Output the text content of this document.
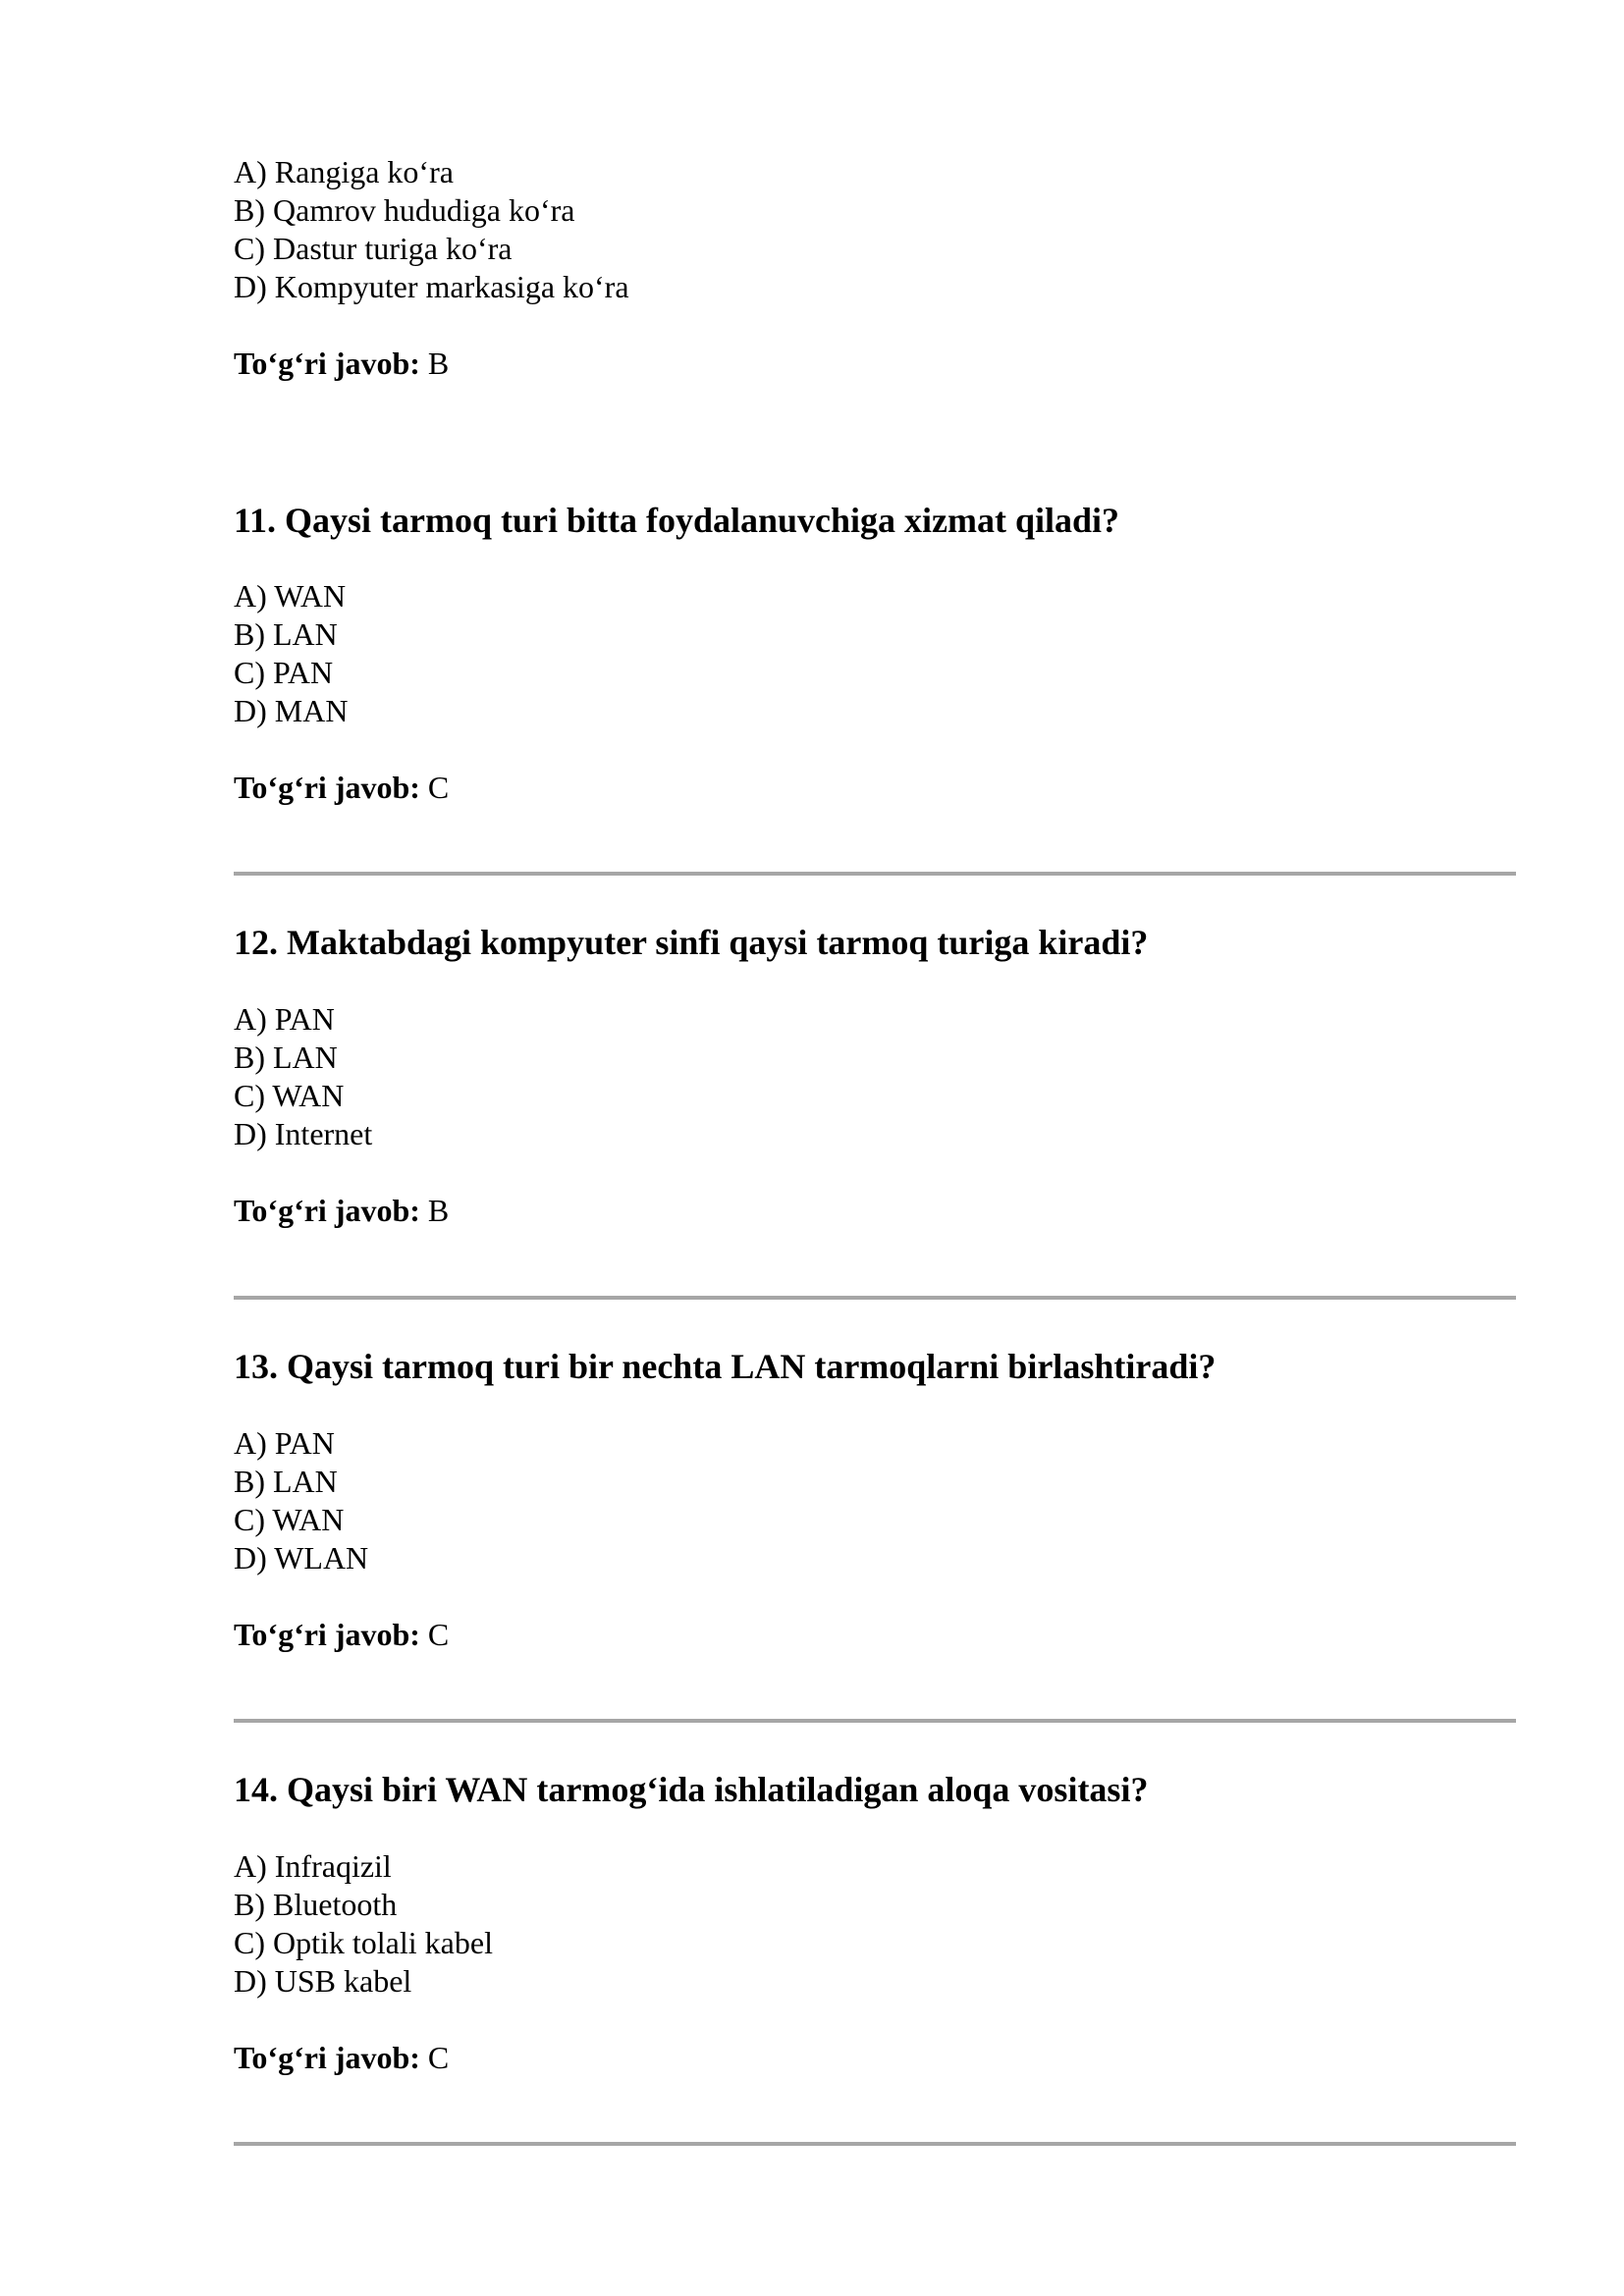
A) Rangiga ko‘ra
B) Qamrov hududiga ko‘ra
C) Dastur turiga ko‘ra
D) Kompyuter markasiga ko‘ra
To‘g‘ri javob: B
11. Qaysi tarmoq turi bitta foydalanuvchiga xizmat qiladi?
A) WAN
B) LAN
C) PAN
D) MAN
To‘g‘ri javob: C
12. Maktabdagi kompyuter sinfi qaysi tarmoq turiga kiradi?
A) PAN
B) LAN
C) WAN
D) Internet
To‘g‘ri javob: B
13. Qaysi tarmoq turi bir nechta LAN tarmoqlarni birlashtiradi?
A) PAN
B) LAN
C) WAN
D) WLAN
To‘g‘ri javob: C
14. Qaysi biri WAN tarmog‘ida ishlatiladigan aloqa vositasi?
A) Infraqizil
B) Bluetooth
C) Optik tolali kabel
D) USB kabel
To‘g‘ri javob: C
